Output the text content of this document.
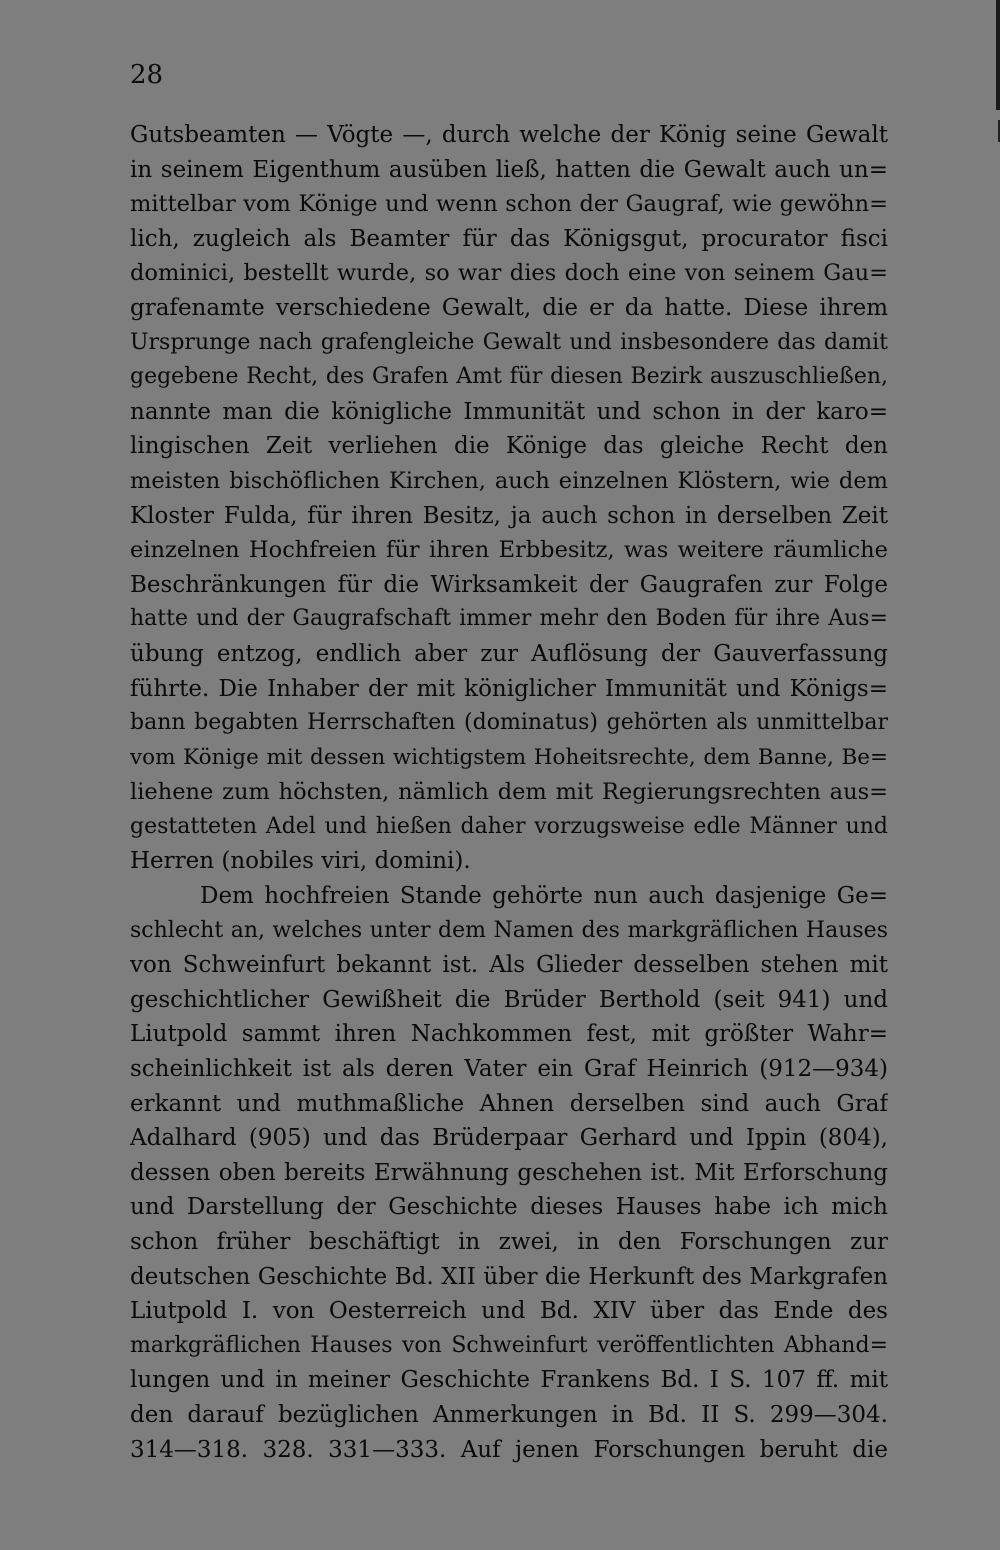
28
Gutsbeamten — Vögte —, durch welche der König seine Gewalt
in seinem Eigenthum ausüben ließ, hatten die Gewalt auch un=
mittelbar vom Könige und wenn schon der Gaugraf, wie gewöhn=
lich, zugleich als Beamter für das Königsgut, procurator fisci
dominici, bestellt wurde, so war dies doch eine von seinem Gau=
grafenamte verschiedene Gewalt, die er da hatte. Diese ihrem
Ursprunge nach grafengleiche Gewalt und insbesondere das damit
gegebene Recht, des Grafen Amt für diesen Bezirk auszuschließen,
nannte man die königliche Immunität und schon in der karo=
lingischen Zeit verliehen die Könige das gleiche Recht den
meisten bischöflichen Kirchen, auch einzelnen Klöstern, wie dem
Kloster Fulda, für ihren Besitz, ja auch schon in derselben Zeit
einzelnen Hochfreien für ihren Erbbesitz, was weitere räumliche
Beschränkungen für die Wirksamkeit der Gaugrafen zur Folge
hatte und der Gaugrafschaft immer mehr den Boden für ihre Aus=
übung entzog, endlich aber zur Auflösung der Gauverfassung
führte. Die Inhaber der mit königlicher Immunität und Königs=
bann begabten Herrschaften (dominatus) gehörten als unmittelbar
vom Könige mit dessen wichtigstem Hoheitsrechte, dem Banne, Be=
liehene zum höchsten, nämlich dem mit Regierungsrechten aus=
gestatteten Adel und hießen daher vorzugsweise edle Männer und
Herren (nobiles viri, domini).
Dem hochfreien Stande gehörte nun auch dasjenige Ge=
schlecht an, welches unter dem Namen des markgräflichen Hauses
von Schweinfurt bekannt ist. Als Glieder desselben stehen mit
geschichtlicher Gewißheit die Brüder Berthold (seit 941) und
Liutpold sammt ihren Nachkommen fest, mit größter Wahr=
scheinlichkeit ist als deren Vater ein Graf Heinrich (912—934)
erkannt und muthmaßliche Ahnen derselben sind auch Graf
Adalhard (905) und das Brüderpaar Gerhard und Ippin (804),
dessen oben bereits Erwähnung geschehen ist. Mit Erforschung
und Darstellung der Geschichte dieses Hauses habe ich mich
schon früher beschäftigt in zwei, in den Forschungen zur
deutschen Geschichte Bd. XII über die Herkunft des Markgrafen
Liutpold I. von Oesterreich und Bd. XIV über das Ende des
markgräflichen Hauses von Schweinfurt veröffentlichten Abhand=
lungen und in meiner Geschichte Frankens Bd. I S. 107 ff. mit
den darauf bezüglichen Anmerkungen in Bd. II S. 299—304.
314—318. 328. 331—333. Auf jenen Forschungen beruht die
